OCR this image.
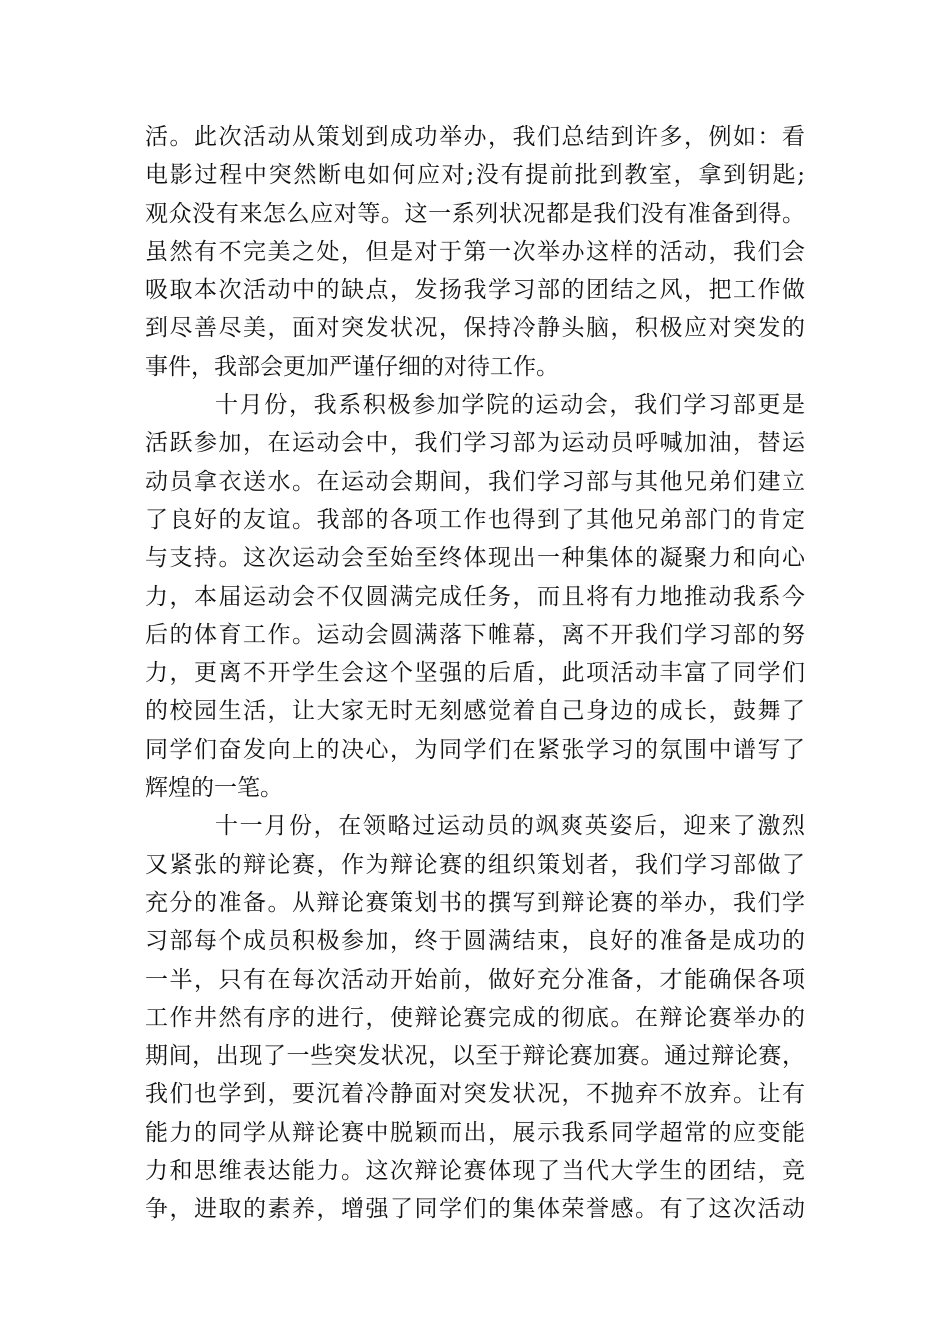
活。此次活动从策划到成功举办，我们总结到许多，例如：看
电影过程中突然断电如何应对;没有提前批到教室，拿到钥匙;
观众没有来怎么应对等。这一系列状况都是我们没有准备到得。
虽然有不完美之处，但是对于第一次举办这样的活动，我们会
吸取本次活动中的缺点，发扬我学习部的团结之风，把工作做
到尽善尽美，面对突发状况，保持冷静头脑，积极应对突发的
事件，我部会更加严谨仔细的对待工作。
十月份，我系积极参加学院的运动会，我们学习部更是
活跃参加，在运动会中，我们学习部为运动员呼喊加油，替运
动员拿衣送水。在运动会期间，我们学习部与其他兄弟们建立
了良好的友谊。我部的各项工作也得到了其他兄弟部门的肯定
与支持。这次运动会至始至终体现出一种集体的凝聚力和向心
力，本届运动会不仅圆满完成任务，而且将有力地推动我系今
后的体育工作。运动会圆满落下帷幕，离不开我们学习部的努
力，更离不开学生会这个坚强的后盾，此项活动丰富了同学们
的校园生活，让大家无时无刻感觉着自己身边的成长，鼓舞了
同学们奋发向上的决心，为同学们在紧张学习的氛围中谱写了
辉煌的一笔。
十一月份，在领略过运动员的飒爽英姿后，迎来了激烈
又紧张的辩论赛，作为辩论赛的组织策划者，我们学习部做了
充分的准备。从辩论赛策划书的撰写到辩论赛的举办，我们学
习部每个成员积极参加，终于圆满结束，良好的准备是成功的
一半，只有在每次活动开始前，做好充分准备，才能确保各项
工作井然有序的进行，使辩论赛完成的彻底。在辩论赛举办的
期间，出现了一些突发状况，以至于辩论赛加赛。通过辩论赛，
我们也学到，要沉着冷静面对突发状况，不抛弃不放弃。让有
能力的同学从辩论赛中脱颖而出，展示我系同学超常的应变能
力和思维表达能力。这次辩论赛体现了当代大学生的团结，竞
争，进取的素养，增强了同学们的集体荣誉感。有了这次活动
